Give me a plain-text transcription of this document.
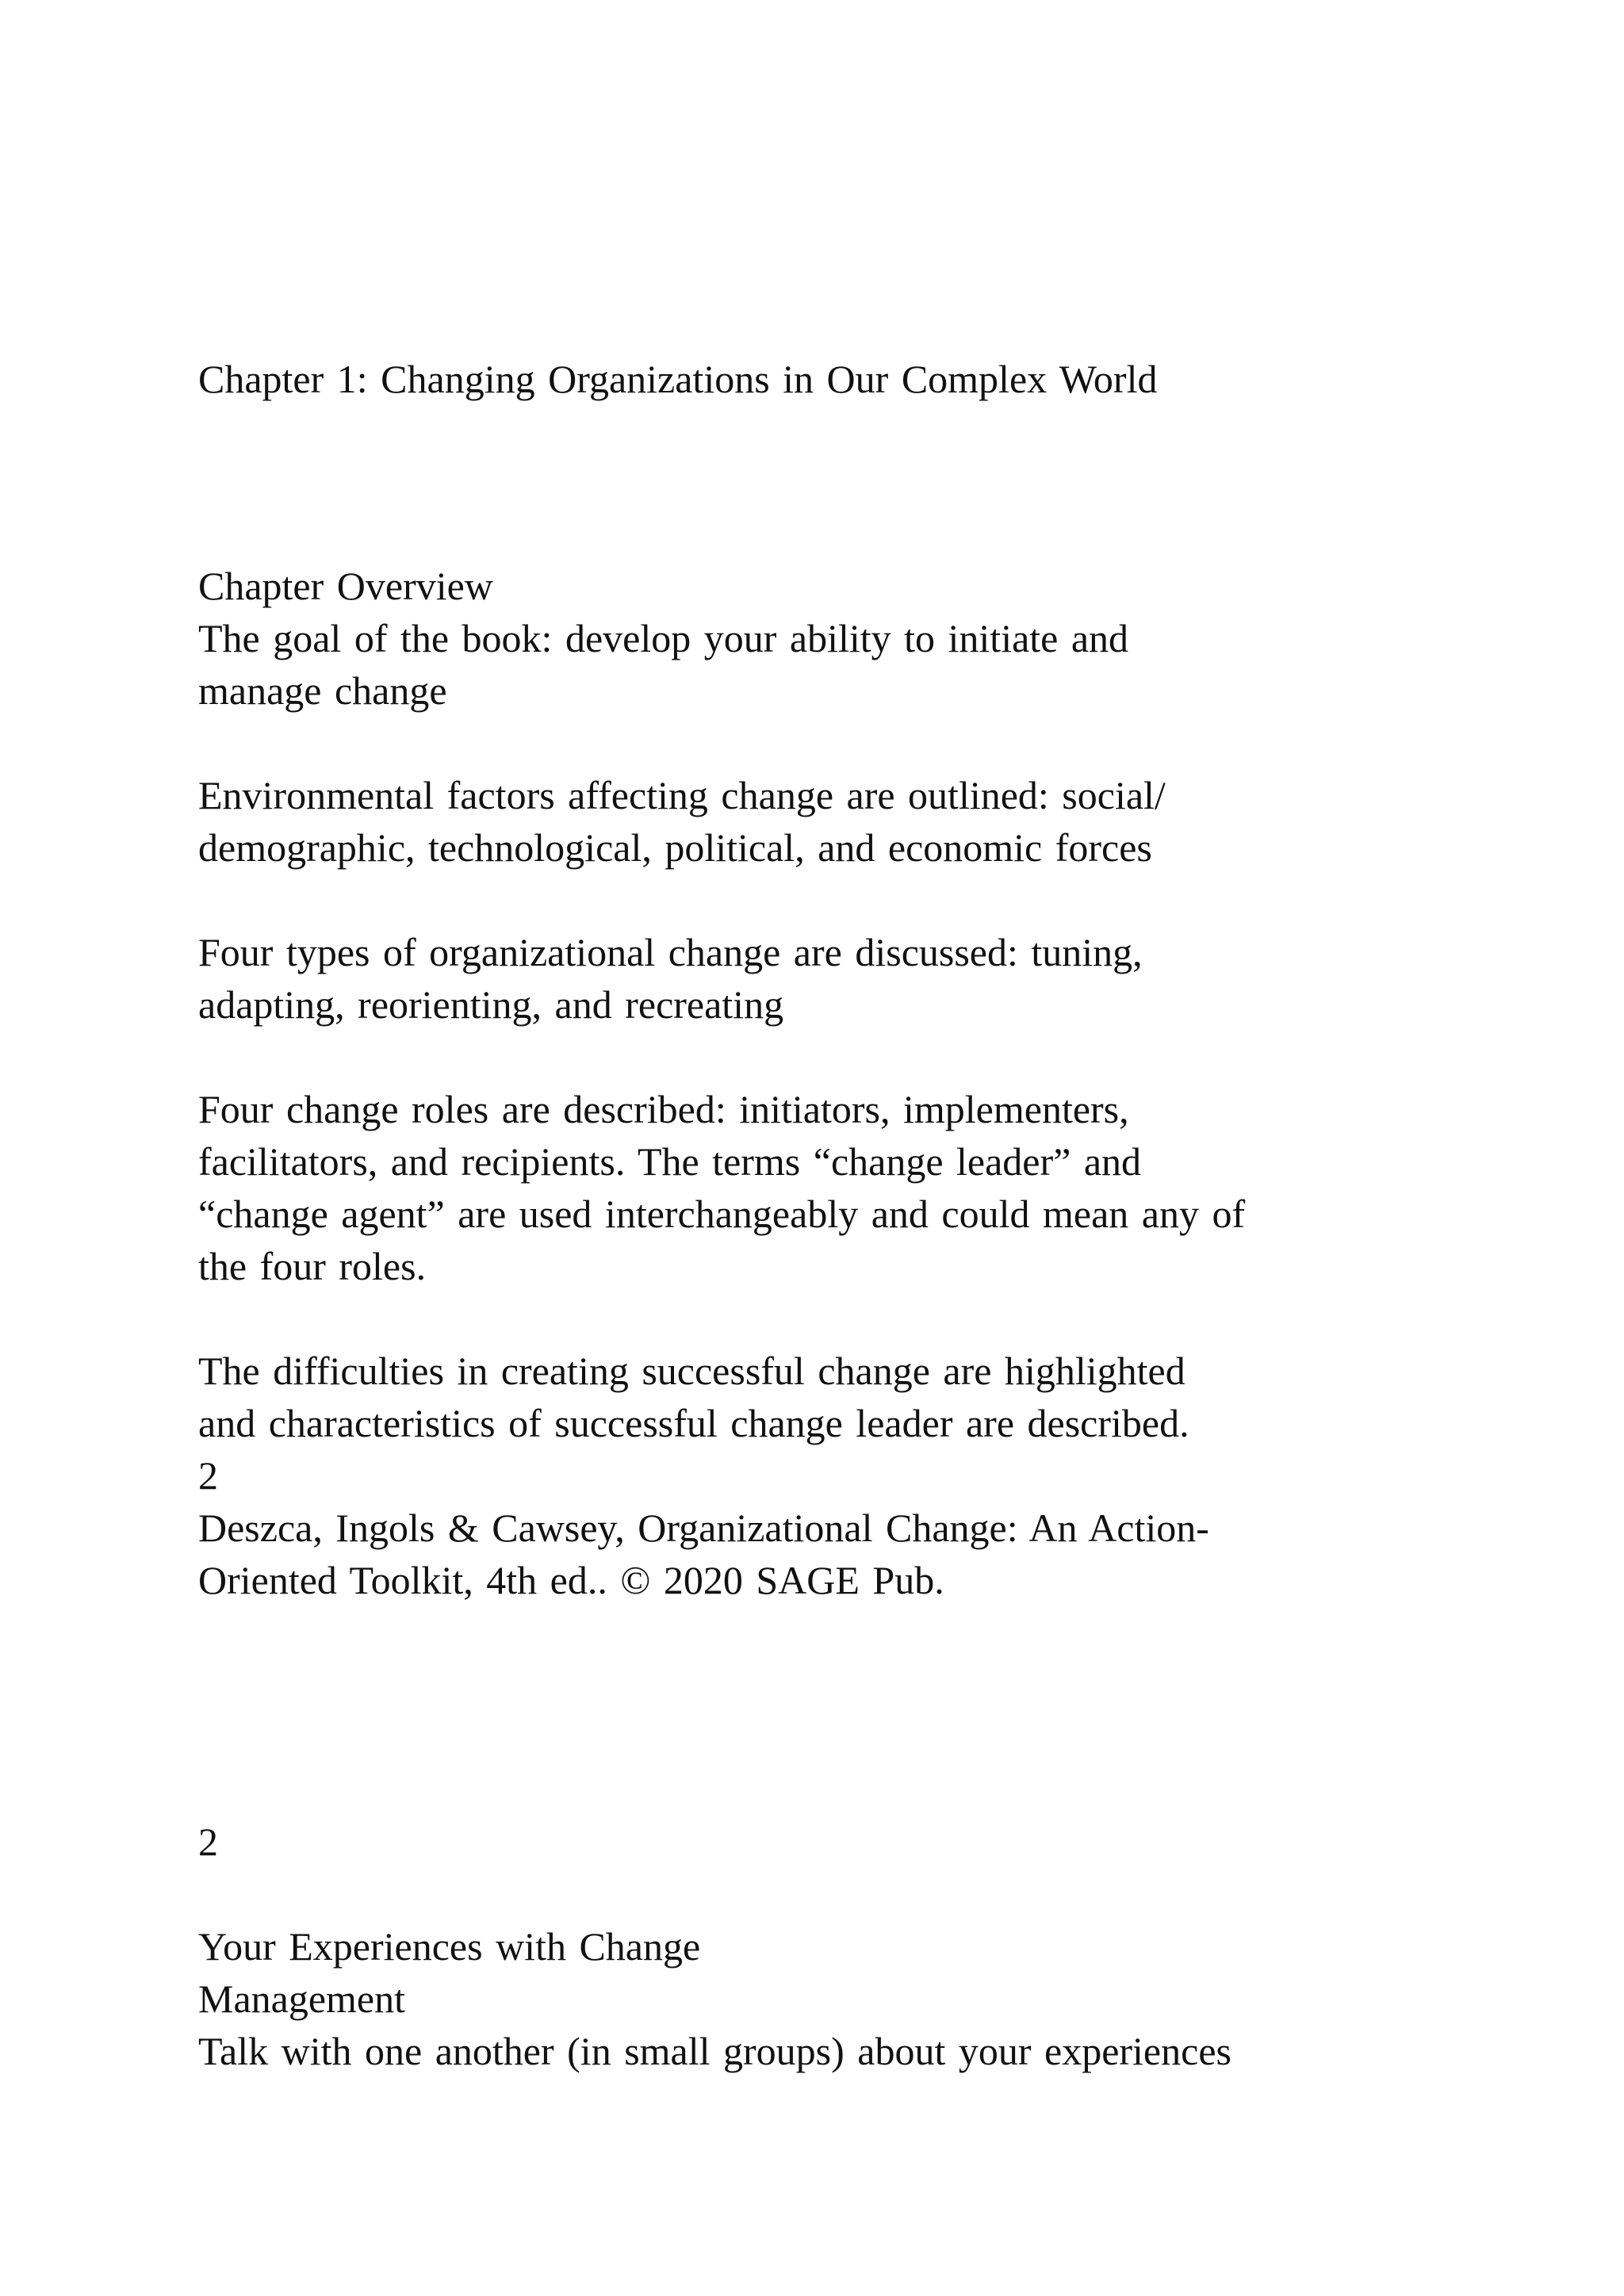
Chapter 1: Changing Organizations in Our Complex World
Chapter Overview
The goal of the book: develop your ability to initiate and
manage change
Environmental factors affecting change are outlined: social/
demographic, technological, political, and economic forces
Four types of organizational change are discussed: tuning,
adapting, reorienting, and recreating
Four change roles are described: initiators, implementers,
facilitators, and recipients. The terms “change leader” and
“change agent” are used interchangeably and could mean any of
the four roles.
The difficulties in creating successful change are highlighted
and characteristics of successful change leader are described.
2
Deszca, Ingols & Cawsey, Organizational Change: An Action-
Oriented Toolkit, 4th ed.. © 2020 SAGE Pub.
2
Your Experiences with Change
Management
Talk with one another (in small groups) about your experiences
